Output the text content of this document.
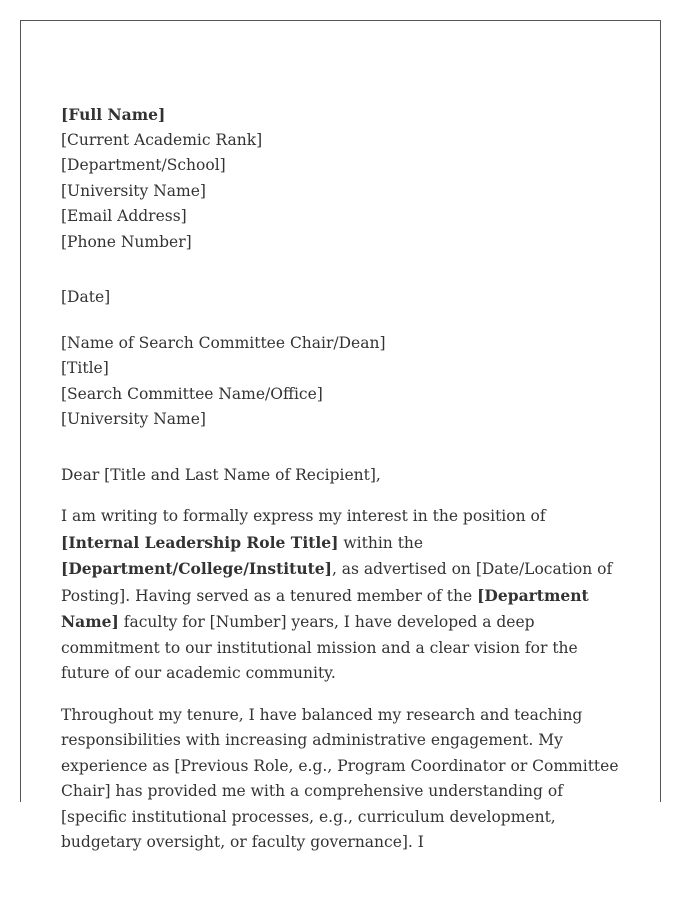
[Full Name]
[Current Academic Rank]
[Department/School]
[University Name]
[Email Address]
[Phone Number]
[Date]
[Name of Search Committee Chair/Dean]
[Title]
[Search Committee Name/Office]
[University Name]
Dear [Title and Last Name of Recipient],

I am writing to formally express my interest in the position of [Internal Leadership Role Title] within the [Department/College/Institute], as advertised on [Date/Location of Posting]. Having served as a tenured member of the [Department Name] faculty for [Number] years, I have developed a deep commitment to our institutional mission and a clear vision for the future of our academic community.

Throughout my tenure, I have balanced my research and teaching responsibilities with increasing administrative engagement. My experience as [Previous Role, e.g., Program Coordinator or Committee Chair] has provided me with a comprehensive understanding of [specific institutional processes, e.g., curriculum development, budgetary oversight, or faculty governance]. I
